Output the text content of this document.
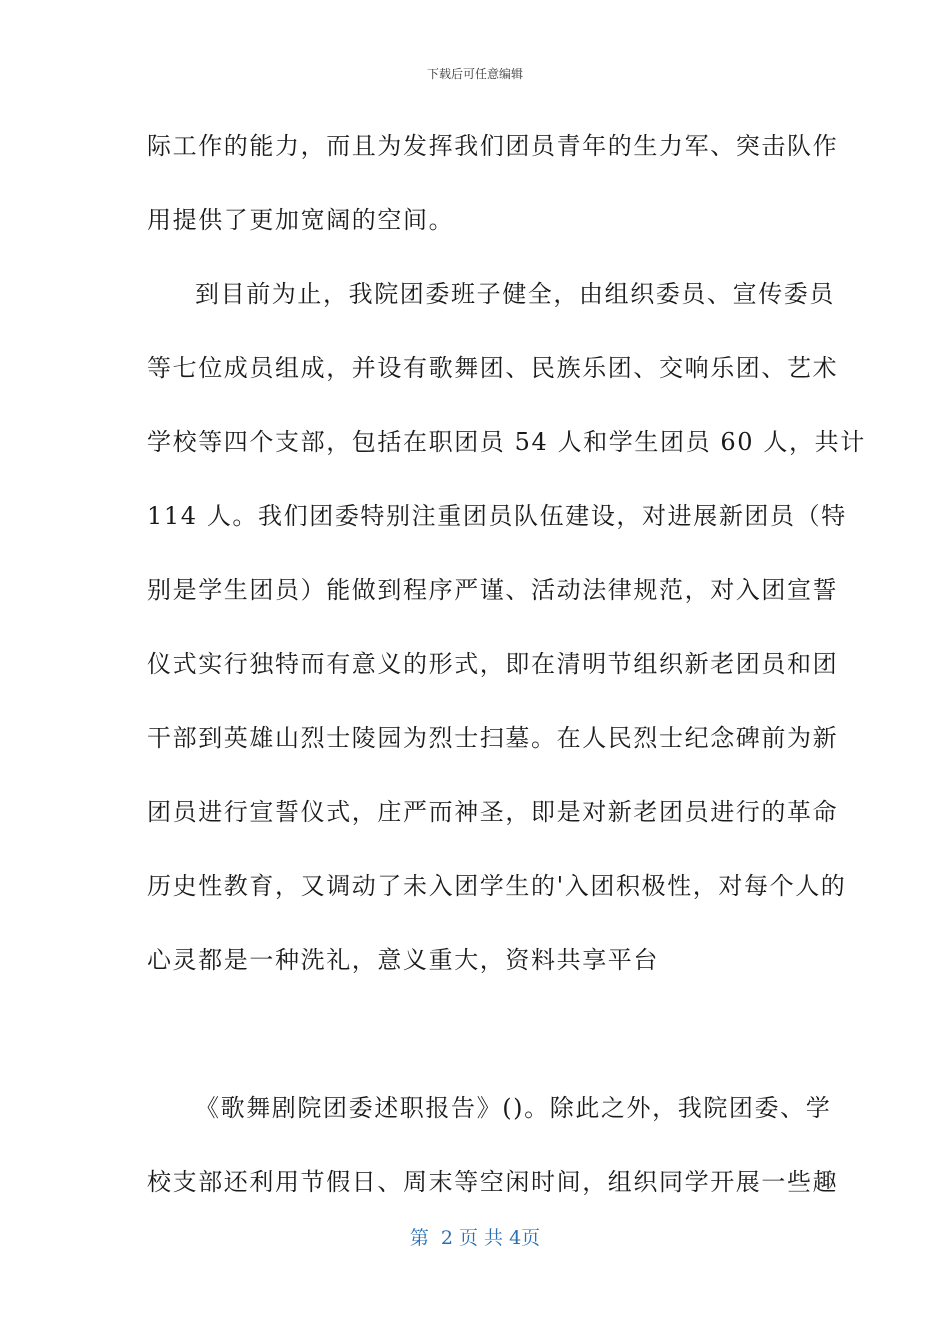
下载后可任意编辑
际工作的能力，而且为发挥我们团员青年的生力军、突击队作
用提供了更加宽阔的空间。
到目前为止，我院团委班子健全，由组织委员、宣传委员
等七位成员组成，并设有歌舞团、民族乐团、交响乐团、艺术
学校等四个支部，包括在职团员 54 人和学生团员 60 人，共计
114 人。我们团委特别注重团员队伍建设，对进展新团员（特
别是学生团员）能做到程序严谨、活动法律规范，对入团宣誓
仪式实行独特而有意义的形式，即在清明节组织新老团员和团
干部到英雄山烈士陵园为烈士扫墓。在人民烈士纪念碑前为新
团员进行宣誓仪式，庄严而神圣，即是对新老团员进行的革命
历史性教育，又调动了未入团学生的'入团积极性，对每个人的
心灵都是一种洗礼，意义重大，资料共享平台
《歌舞剧院团委述职报告》()。除此之外，我院团委、学
校支部还利用节假日、周末等空闲时间，组织同学开展一些趣
第  2 页 共 4页
